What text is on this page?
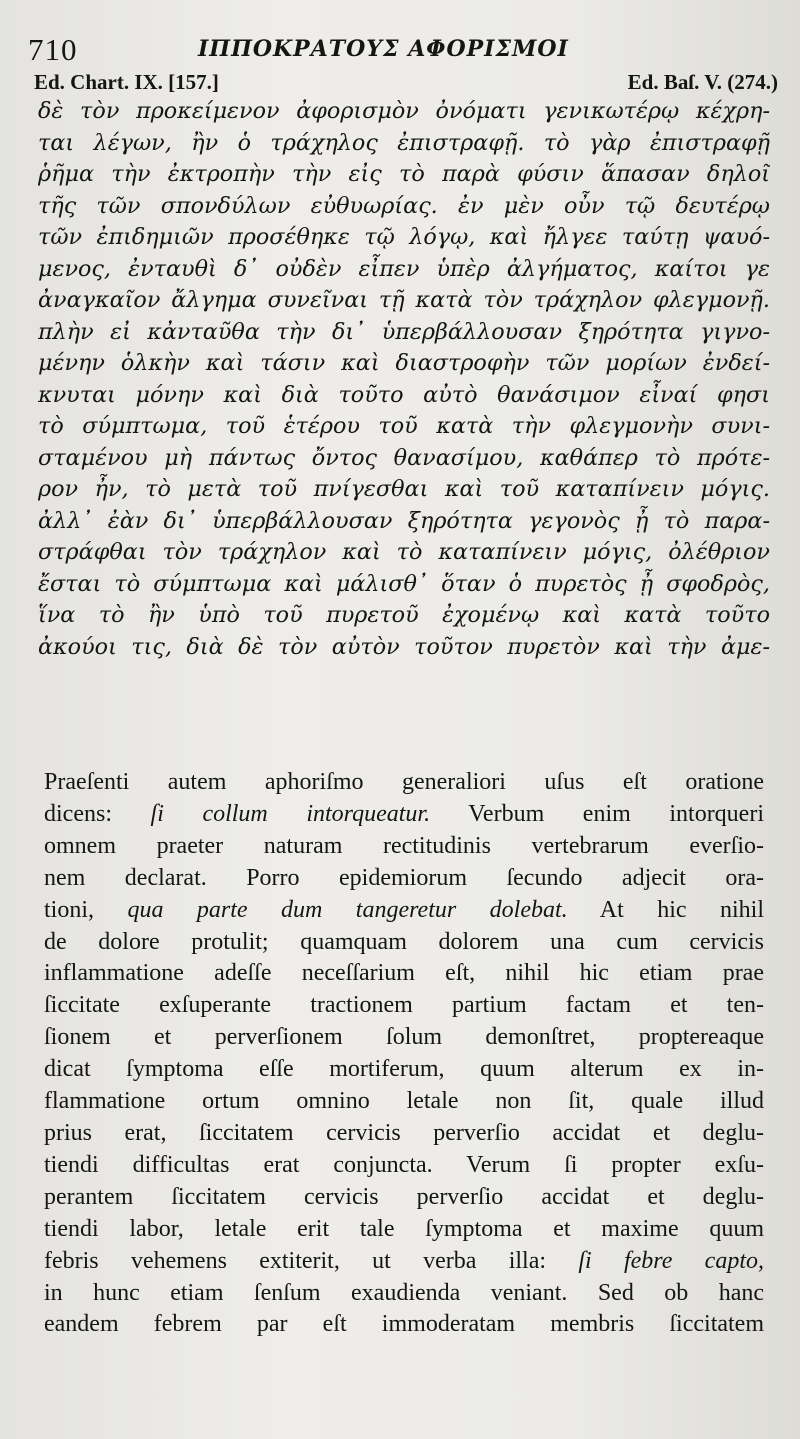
710	ΙΠΠΟΚΡΑΤΟΥΣ ΑΦΟΡΙΣΜΟΙ
Ed. Chart. IX. [157.]	Ed. Baſ. V. (274.)
δὲ τὸν προκείμενον ἀφορισμὸν ὀνόματι γενικωτέρῳ κέχρη-
ται λέγων, ἢν ὁ τράχηλος ἐπιστραφῇ. τὸ γὰρ ἐπιστραφῇ
ῥῆμα τὴν ἐκτροπὴν τὴν εἰς τὸ παρὰ φύσιν ἅπασαν δηλοῖ
τῆς τῶν σπονδύλων εὐθυωρίας. ἐν μὲν οὖν τῷ δευτέρῳ
τῶν ἐπιδημιῶν προσέθηκε τῷ λόγῳ, καὶ ἤλγεε ταύτῃ ψαυό-
μενος, ἐνταυθὶ δ᾽ οὐδὲν εἶπεν ὑπὲρ ἀλγήματος, καίτοι γε
ἀναγκαῖον ἄλγημα συνεῖναι τῇ κατὰ τὸν τράχηλον φλεγμονῇ.
πλὴν εἰ κἀνταῦθα τὴν δι᾽ ὑπερβάλλουσαν ξηρότητα γιγνο-
μένην ὁλκὴν καὶ τάσιν καὶ διαστροφὴν τῶν μορίων ἐνδεί-
κνυται μόνην καὶ διὰ τοῦτο αὐτὸ θανάσιμον εἶναί φησι
τὸ σύμπτωμα, τοῦ ἑτέρου τοῦ κατὰ τὴν φλεγμονὴν συνι-
σταμένου μὴ πάντως ὄντος θανασίμου, καθάπερ τὸ πρότε-
ρον ἦν, τὸ μετὰ τοῦ πνίγεσθαι καὶ τοῦ καταπίνειν μόγις.
ἀλλ᾽ ἐὰν δι᾽ ὑπερβάλλουσαν ξηρότητα γεγονὸς ᾖ τὸ παρα-
στράφθαι τὸν τράχηλον καὶ τὸ καταπίνειν μόγις, ὀλέθριον
ἔσται τὸ σύμπτωμα καὶ μάλισθ᾽ ὅταν ὁ πυρετὸς ᾖ σφοδρὸς,
ἵνα τὸ ἢν ὑπὸ τοῦ πυρετοῦ ἐχομένῳ καὶ κατὰ τοῦτο
ἀκούοι τις, διὰ δὲ τὸν αὐτὸν τοῦτον πυρετὸν καὶ τὴν ἀμε-
Praeſenti autem aphoriſmo generaliori uſus eſt oratione
dicens: ſi collum intorqueatur. Verbum enim intorqueri
omnem praeter naturam rectitudinis vertebrarum everſio-
nem declarat. Porro epidemiorum ſecundo adjecit ora-
tioni, qua parte dum tangeretur dolebat. At hic nihil
de dolore protulit; quamquam dolorem una cum cervicis
inflammatione adeſſe neceſſarium eſt, nihil hic etiam prae
ſiccitate exſuperante tractionem partium factam et ten-
ſionem et perverſionem ſolum demonſtret, proptereaque
dicat ſymptoma eſſe mortiferum, quum alterum ex in-
flammatione ortum omnino letale non ſit, quale illud
prius erat, ſiccitatem cervicis perverſio accidat et deglu-
tiendi difficultas erat conjuncta. Verum ſi propter exſu-
perantem ſiccitatem cervicis perverſio accidat et deglu-
tiendi labor, letale erit tale ſymptoma et maxime quum
febris vehemens extiterit, ut verba illa: ſi febre capto,
in hunc etiam ſenſum exaudienda veniant. Sed ob hanc
eandem febrem par eſt immoderatam membris ſiccitatem
